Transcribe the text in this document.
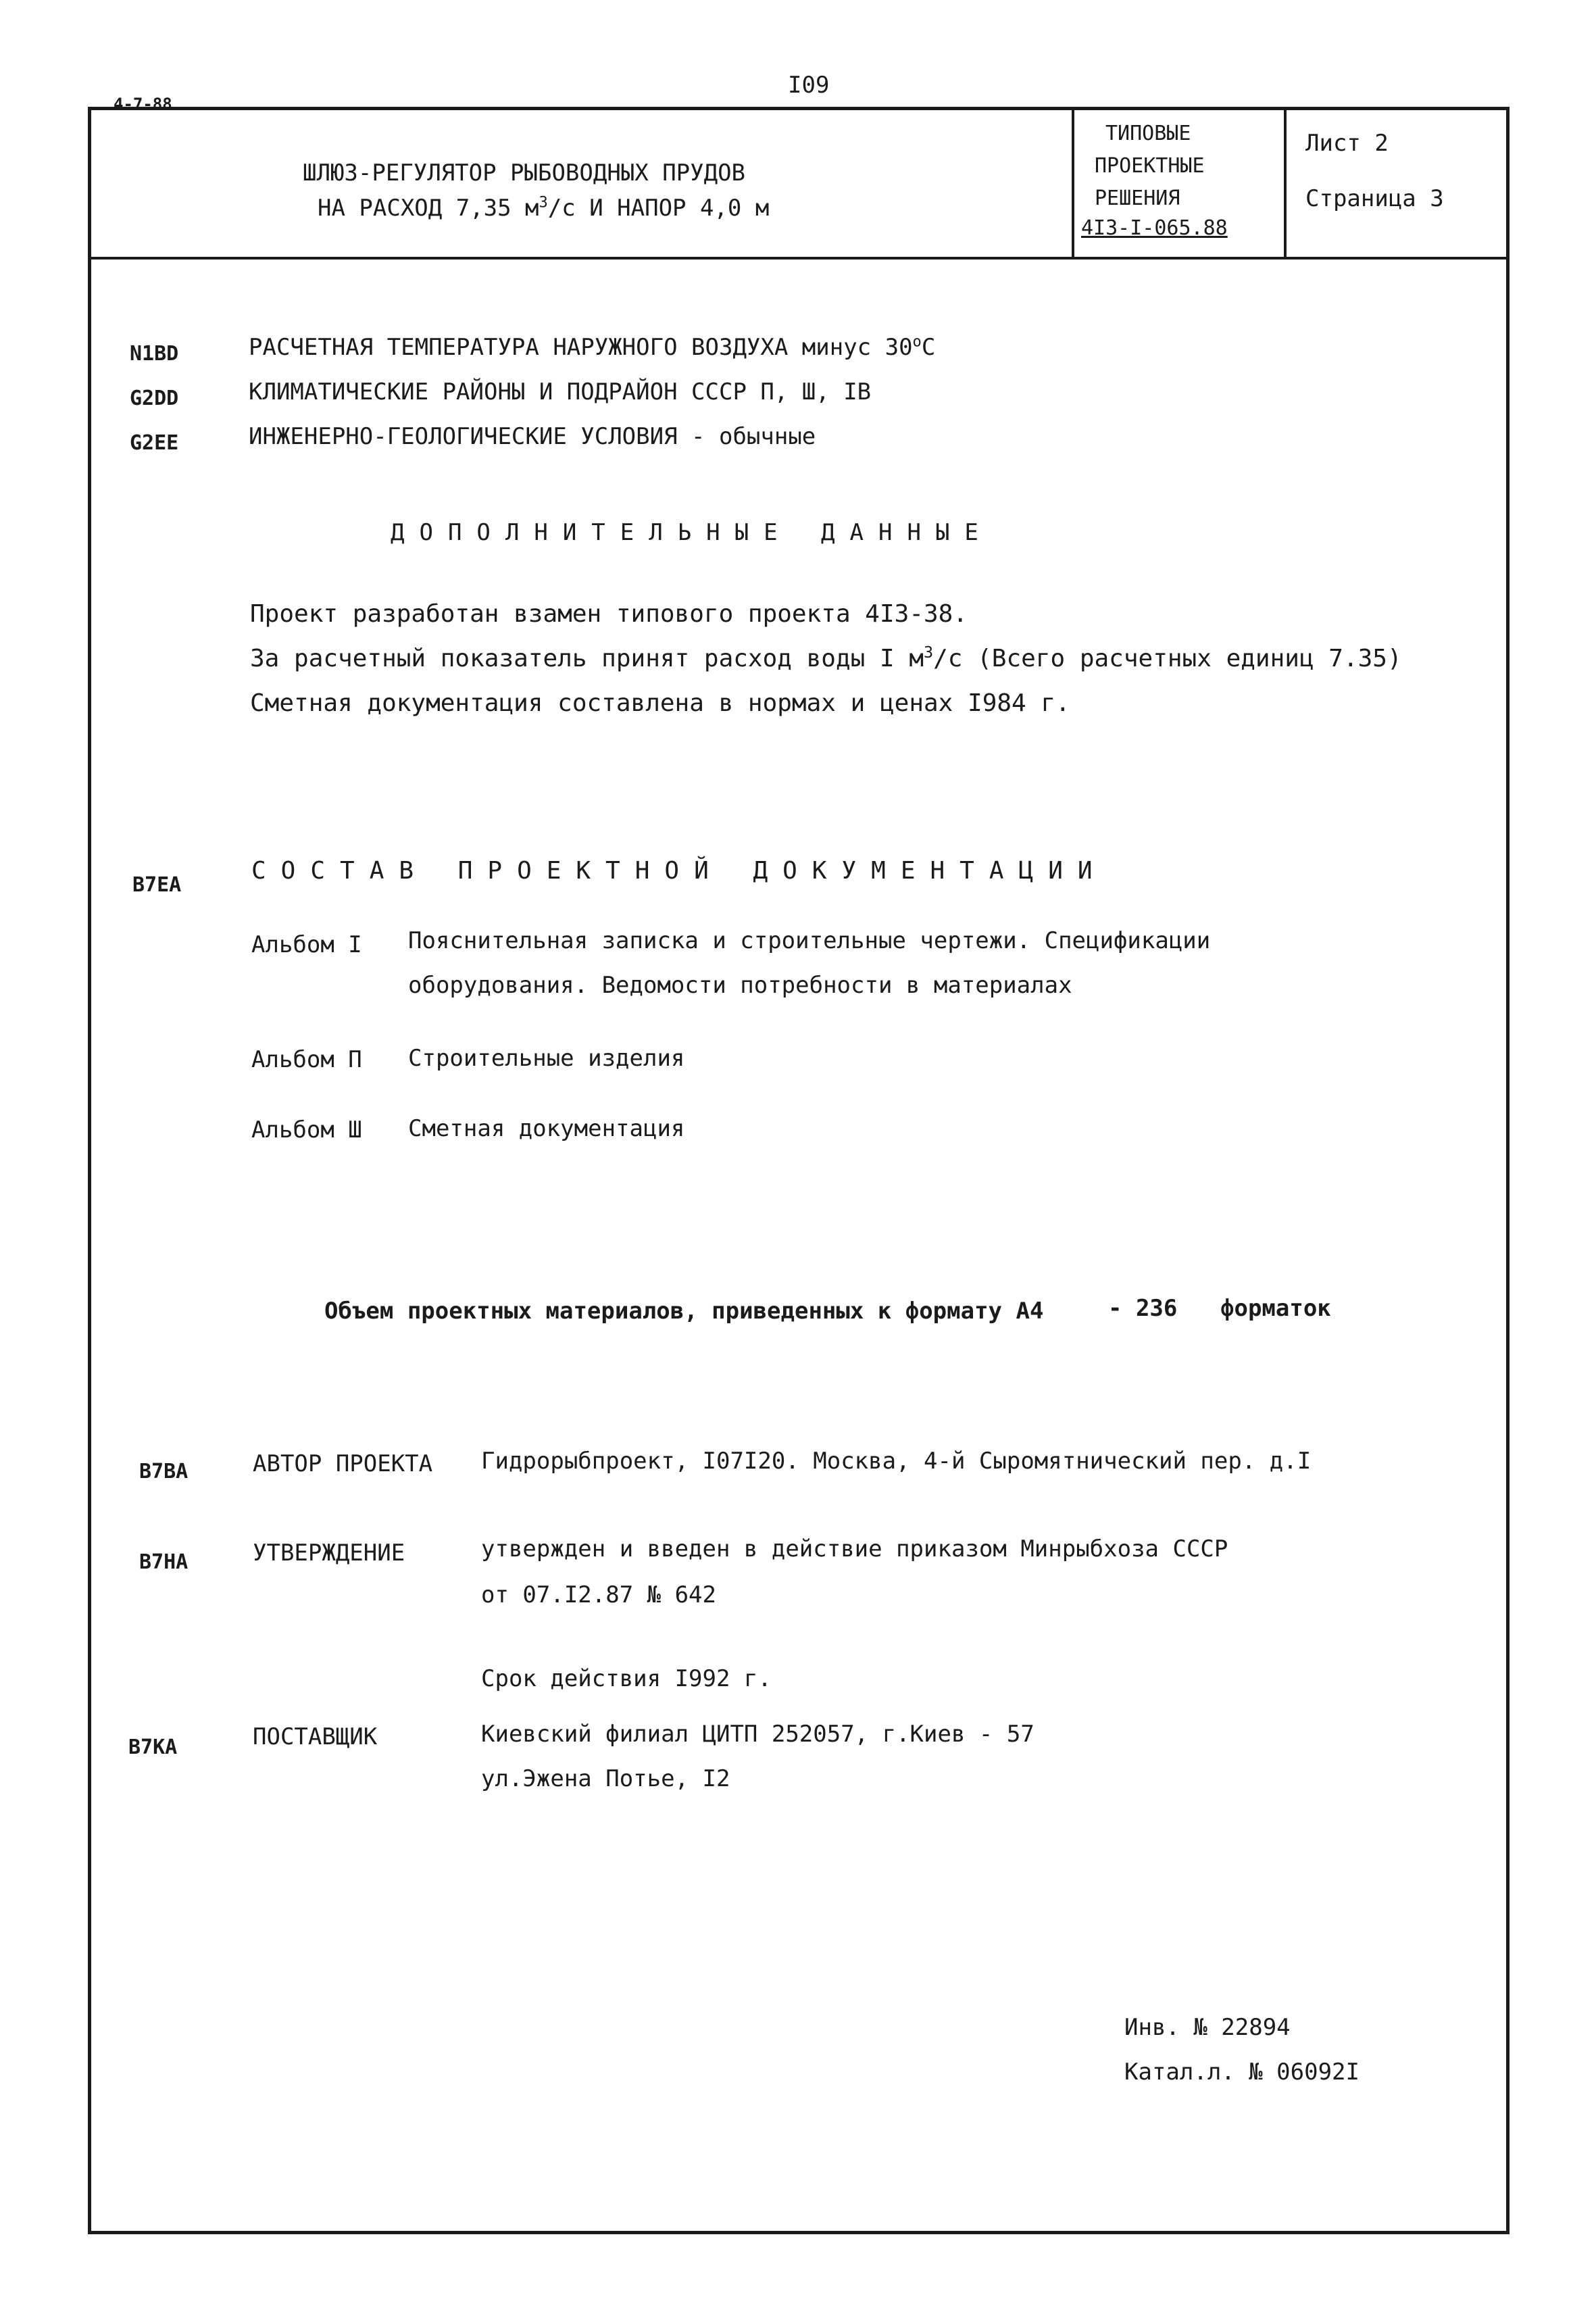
4-7-88
I09
ШЛЮЗ-РЕГУЛЯТОР РЫБОВОДНЫХ ПРУДОВ
НА РАСХОД 7,35 $м^3/с$ И НАПОР 4,0 м
ТИПОВЫЕ
ПРОЕКТНЫЕ
РЕШЕНИЯ
4I3-I-065.88
Лист 2
Страница 3
N1BD	РАСЧЕТНАЯ ТЕМПЕРАТУРА НАРУЖНОГО ВОЗДУХА минус 30$^o$C
G2DD	КЛИМАТИЧЕСКИЕ РАЙОНЫ И ПОДРАЙОН СССР П, Ш, IВ
G2EE	ИНЖЕНЕРНО-ГЕОЛОГИЧЕСКИЕ УСЛОВИЯ - обычные
ДОПОЛНИТЕЛЬНЫЕ ДАННЫЕ
Проект разработан взамен типового проекта 4I3-38.
За расчетный показатель принят расход воды I $м^3/с$ (Всего расчетных единиц 7.35)
Сметная документация составлена в нормах и ценах I984 г.
В7ЕА
СОСТАВ ПРОЕКТНОЙ ДОКУМЕНТАЦИИ
Альбом I Пояснительная записка и строительные чертежи. Спецификации
оборудования. Ведомости потребности в материалах
Альбом П Строительные изделия
Альбом Ш Сметная документация
Объем проектных материалов, приведенных к формату А4	- 236 форматок
В7ВА	АВТОР ПРОЕКТА Гидрорыбпроект, I07I20. Москва, 4-й Сыромятнический пер. д.I
В7НА	УТВЕРЖДЕНИЕ	утвержден и введен в действие приказом Минрыбхоза СССР
от 07.I2.87 № 642
Срок действия I992 г.
В7КА	ПОСТАВЩИК	Киевский филиал ЦИТП 252057, г.Киев - 57
ул.Эжена Потье, I2
Инв. № 22894
Катал.л. № 06092I
